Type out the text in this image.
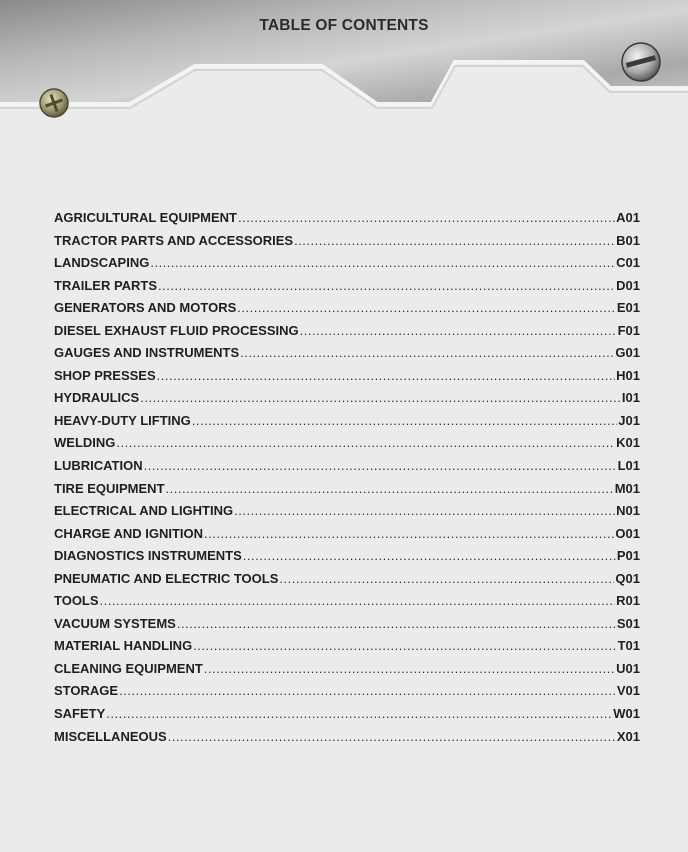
TABLE OF CONTENTS
AGRICULTURAL EQUIPMENT .....	A01
TRACTOR PARTS AND ACCESSORIES .....	B01
LANDSCAPING .....	C01
TRAILER PARTS .....	D01
GENERATORS AND MOTORS .....	E01
DIESEL EXHAUST FLUID PROCESSING .....	F01
GAUGES AND INSTRUMENTS .....	G01
SHOP PRESSES .....	H01
HYDRAULICS .....	I01
HEAVY-DUTY LIFTING .....	J01
WELDING .....	K01
LUBRICATION .....	L01
TIRE EQUIPMENT .....	M01
ELECTRICAL AND LIGHTING .....	N01
CHARGE AND IGNITION .....	O01
DIAGNOSTICS INSTRUMENTS .....	P01
PNEUMATIC AND ELECTRIC TOOLS .....	Q01
TOOLS .....	R01
VACUUM SYSTEMS .....	S01
MATERIAL HANDLING .....	T01
CLEANING EQUIPMENT .....	U01
STORAGE .....	V01
SAFETY .....	W01
MISCELLANEOUS .....	X01
